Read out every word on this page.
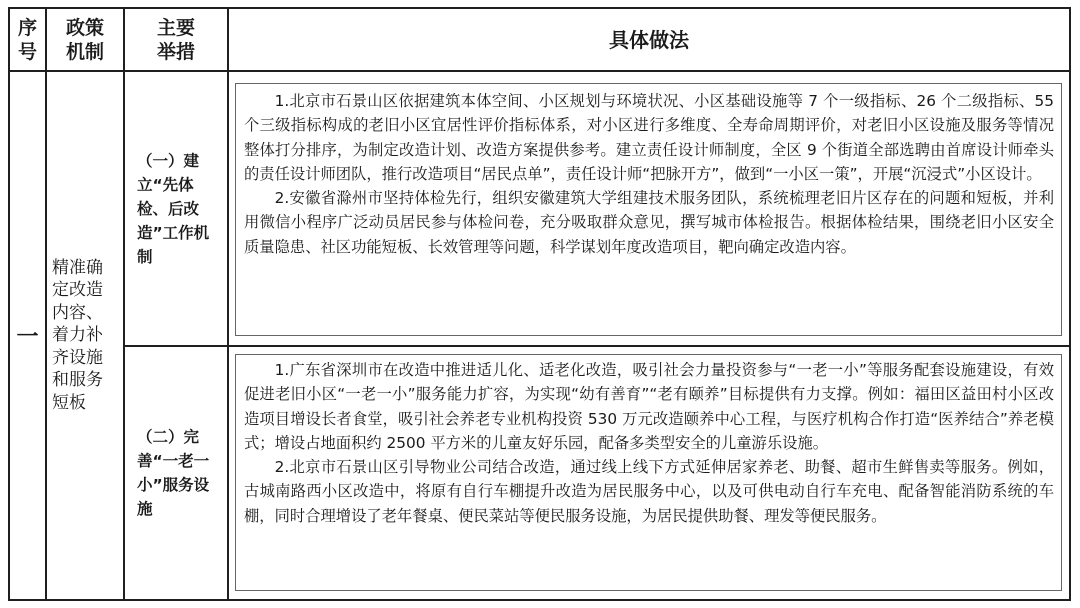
序号
政策机制
主要举措	具体做法
一
精准确定改造内容、着力补齐设施和服务短板
（一）建立“先体检、后改造”工作机制

1.北京市石景山区依据建筑本体空间、小区规划与环境状况、小区基础设施等 7 个一级指标、26 个二级指标、55 个三级指标构成的老旧小区宜居性评价指标体系，对小区进行多维度、全寿命周期评价，对老旧小区设施及服务等情况整体打分排序，为制定改造计划、改造方案提供参考。建立责任设计师制度，全区 9 个街道全部选聘由首席设计师牵头的责任设计师团队，推行改造项目“居民点单”，责任设计师“把脉开方”，做到“一小区一策”，开展“沉浸式”小区设计。

2.安徽省滁州市坚持体检先行，组织安徽建筑大学组建技术服务团队，系统梳理老旧片区存在的问题和短板，并利用微信小程序广泛动员居民参与体检问卷，充分吸取群众意见，撰写城市体检报告。根据体检结果，围绕老旧小区安全质量隐患、社区功能短板、长效管理等问题，科学谋划年度改造项目，靶向确定改造内容。

（二）完善“一老一小”服务设施

1.广东省深圳市在改造中推进适儿化、适老化改造，吸引社会力量投资参与“一老一小”等服务配套设施建设，有效促进老旧小区“一老一小”服务能力扩容，为实现“幼有善育”“老有颐养”目标提供有力支撑。例如：福田区益田村小区改造项目增设长者食堂，吸引社会养老专业机构投资 530 万元改造颐养中心工程，与医疗机构合作打造“医养结合”养老模式；增设占地面积约 2500 平方米的儿童友好乐园，配备多类型安全的儿童游乐设施。

2.北京市石景山区引导物业公司结合改造，通过线上线下方式延伸居家养老、助餐、超市生鲜售卖等服务。例如，古城南路西小区改造中，将原有自行车棚提升改造为居民服务中心，以及可供电动自行车充电、配备智能消防系统的车棚，同时合理增设了老年餐桌、便民菜站等便民服务设施，为居民提供助餐、理发等便民服务。
